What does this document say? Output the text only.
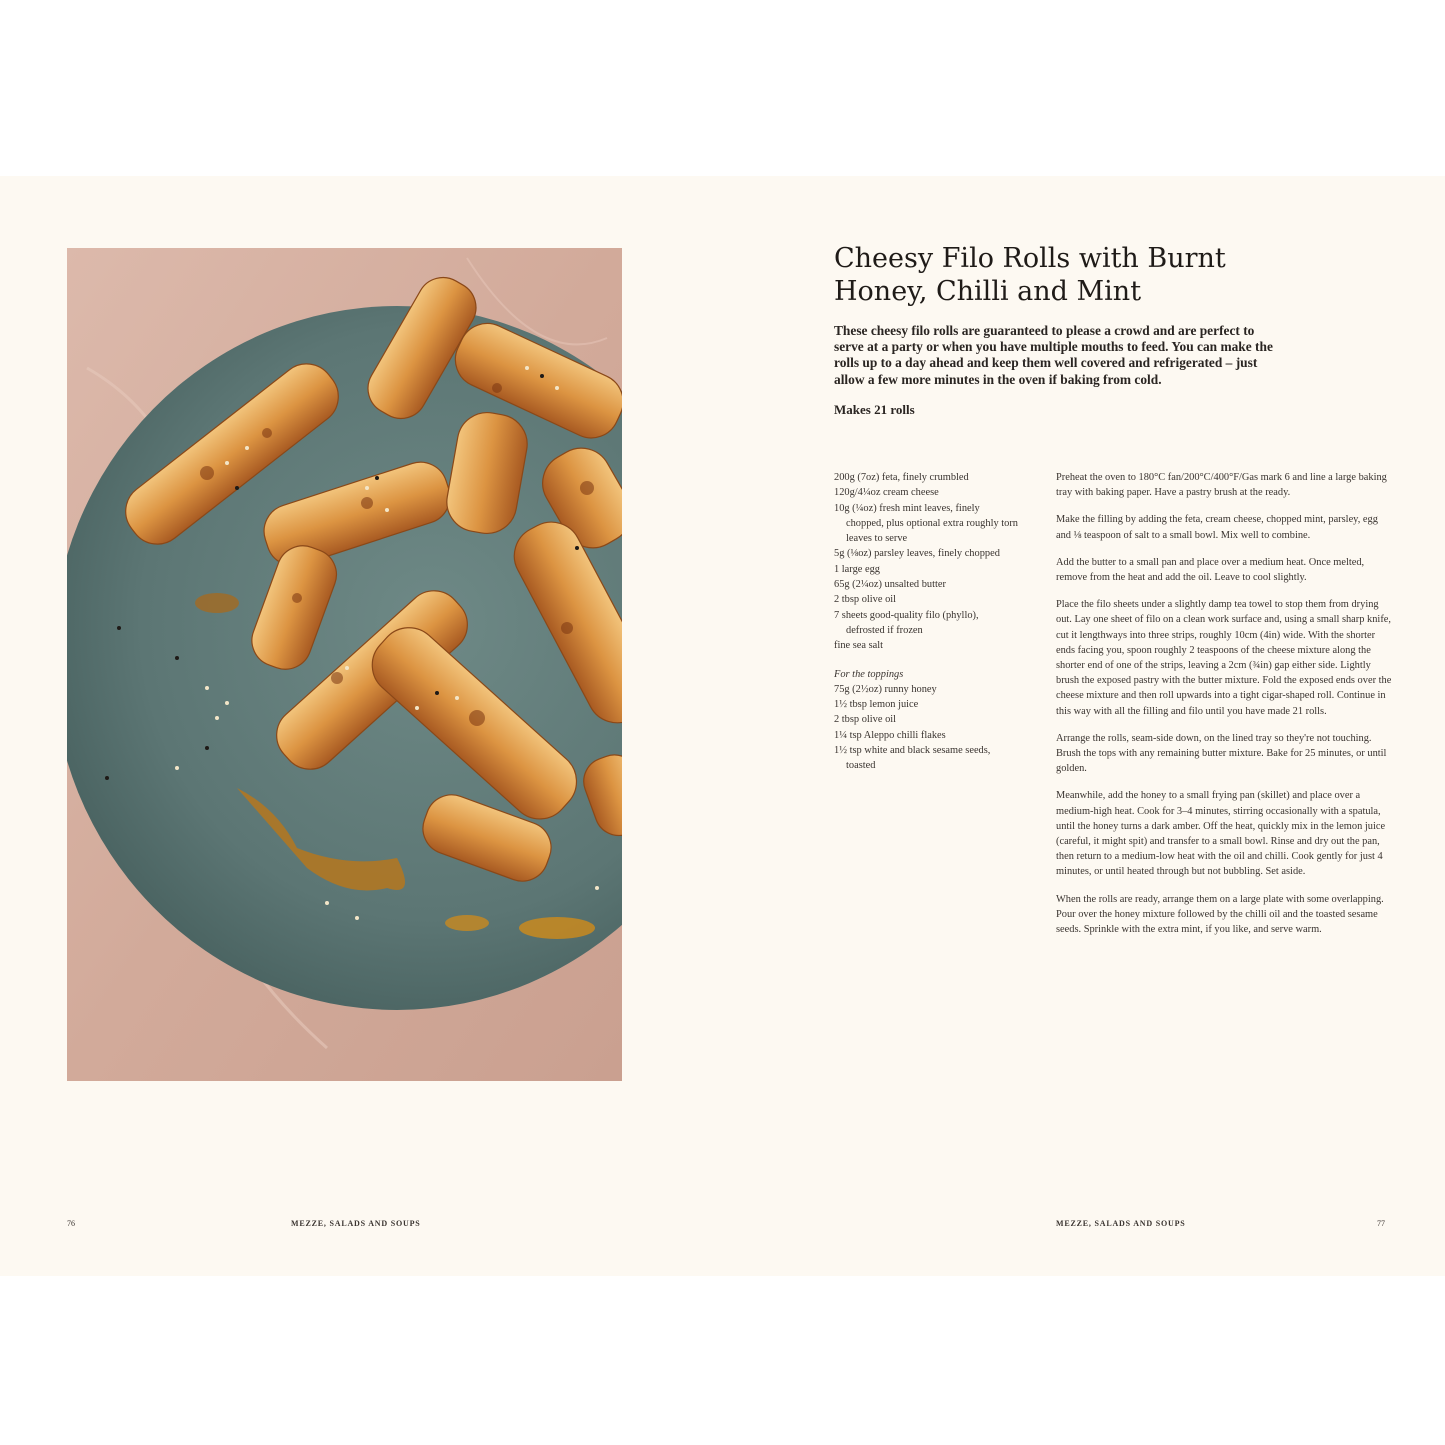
Cheesy Filo Rolls with Burnt
Honey, Chilli and Mint

These cheesy filo rolls are guaranteed to please a crowd and are perfect to serve at a party or when you have multiple mouths to feed. You can make the rolls up to a day ahead and keep them well covered and refrigerated – just allow a few more minutes in the oven if baking from cold.

Makes 21 rolls

200g (7oz) feta, finely crumbled
120g/4¼oz cream cheese
10g (¼oz) fresh mint leaves, finely chopped, plus optional extra roughly torn leaves to serve
5g (⅛oz) parsley leaves, finely chopped
1 large egg
65g (2¼oz) unsalted butter
2 tbsp olive oil
7 sheets good-quality filo (phyllo), defrosted if frozen
fine sea salt
For the toppings
75g (2½oz) runny honey
1½ tbsp lemon juice
2 tbsp olive oil
1¼ tsp Aleppo chilli flakes
1½ tsp white and black sesame seeds, toasted

Preheat the oven to 180°C fan/200°C/400°F/Gas mark 6 and line a large baking tray with baking paper. Have a pastry brush at the ready.

Make the filling by adding the feta, cream cheese, chopped mint, parsley, egg and ⅛ teaspoon of salt to a small bowl. Mix well to combine.

Add the butter to a small pan and place over a medium heat. Once melted, remove from the heat and add the oil. Leave to cool slightly.

Place the filo sheets under a slightly damp tea towel to stop them from drying out. Lay one sheet of filo on a clean work surface and, using a small sharp knife, cut it lengthways into three strips, roughly 10cm (4in) wide. With the shorter ends facing you, spoon roughly 2 teaspoons of the cheese mixture along the shorter end of one of the strips, leaving a 2cm (¾in) gap either side. Lightly brush the exposed pastry with the butter mixture. Fold the exposed ends over the cheese mixture and then roll upwards into a tight cigar-shaped roll. Continue in this way with all the filling and filo until you have made 21 rolls.

Arrange the rolls, seam-side down, on the lined tray so they're not touching. Brush the tops with any remaining butter mixture. Bake for 25 minutes, or until golden.

Meanwhile, add the honey to a small frying pan (skillet) and place over a medium-high heat. Cook for 3–4 minutes, stirring occasionally with a spatula, until the honey turns a dark amber. Off the heat, quickly mix in the lemon juice (careful, it might spit) and transfer to a small bowl. Rinse and dry out the pan, then return to a medium-low heat with the oil and chilli. Cook gently for just 4 minutes, or until heated through but not bubbling. Set aside.

When the rolls are ready, arrange them on a large plate with some overlapping. Pour over the honey mixture followed by the chilli oil and the toasted sesame seeds. Sprinkle with the extra mint, if you like, and serve warm.

76	MEZZE, SALADS AND SOUPS	MEZZE, SALADS AND SOUPS	77
